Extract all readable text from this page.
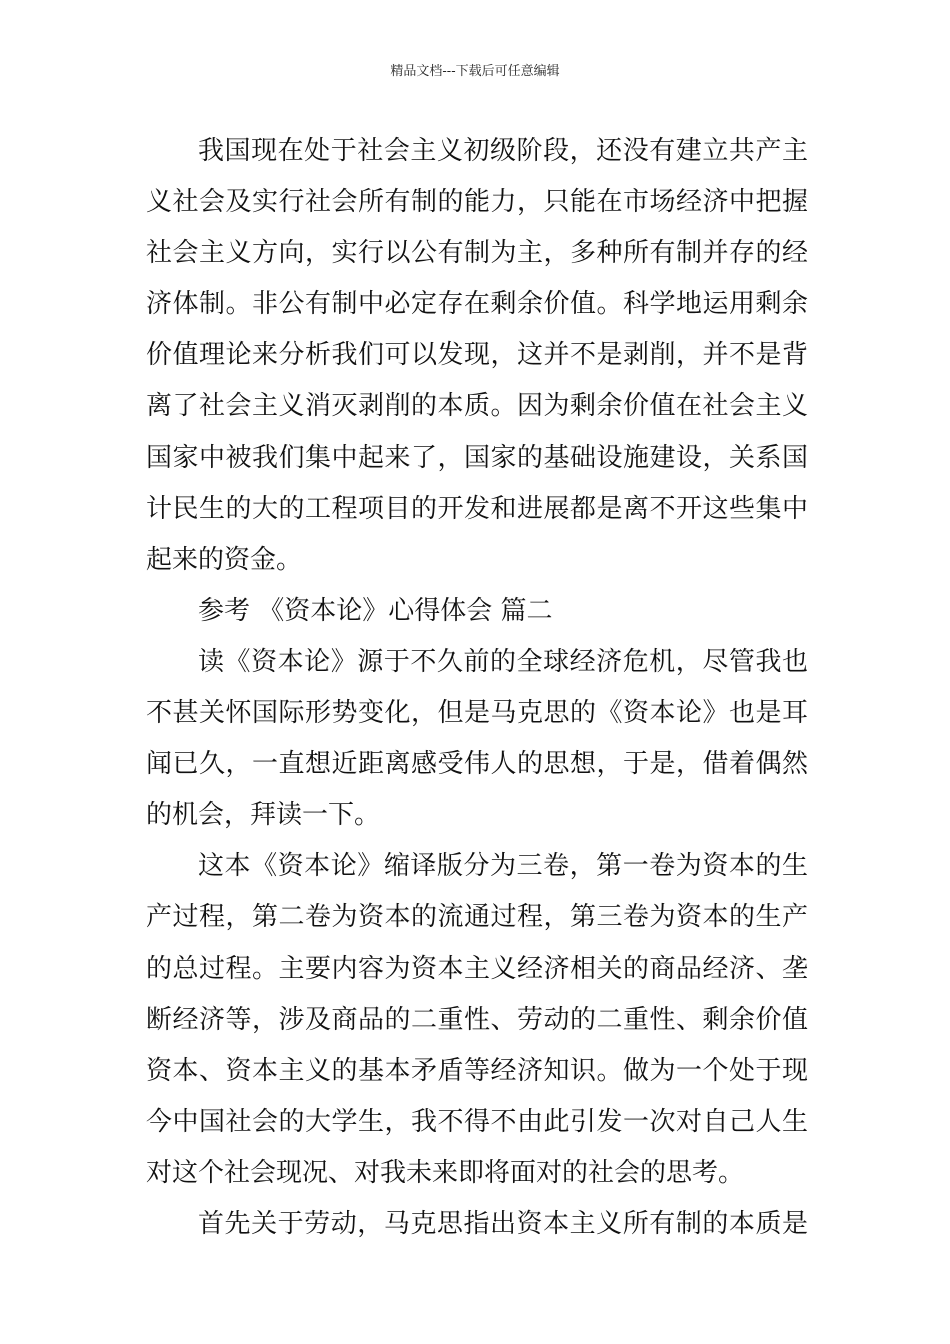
精品文档---下载后可任意编辑
我国现在处于社会主义初级阶段，还没有建立共产主
义社会及实行社会所有制的能力，只能在市场经济中把握
社会主义方向，实行以公有制为主，多种所有制并存的经
济体制。非公有制中必定存在剩余价值。科学地运用剩余
价值理论来分析我们可以发现，这并不是剥削，并不是背
离了社会主义消灭剥削的本质。因为剩余价值在社会主义
国家中被我们集中起来了，国家的基础设施建设，关系国
计民生的大的工程项目的开发和进展都是离不开这些集中
起来的资金。
参考 《资本论》心得体会 篇二
读《资本论》源于不久前的全球经济危机，尽管我也
不甚关怀国际形势变化，但是马克思的《资本论》也是耳
闻已久，一直想近距离感受伟人的思想，于是，借着偶然
的机会，拜读一下。
这本《资本论》缩译版分为三卷，第一卷为资本的生
产过程，第二卷为资本的流通过程，第三卷为资本的生产
的总过程。主要内容为资本主义经济相关的商品经济、垄
断经济等，涉及商品的二重性、劳动的二重性、剩余价值
资本、资本主义的基本矛盾等经济知识。做为一个处于现
今中国社会的大学生，我不得不由此引发一次对自己人生
对这个社会现况、对我未来即将面对的社会的思考。
首先关于劳动，马克思指出资本主义所有制的本质是
